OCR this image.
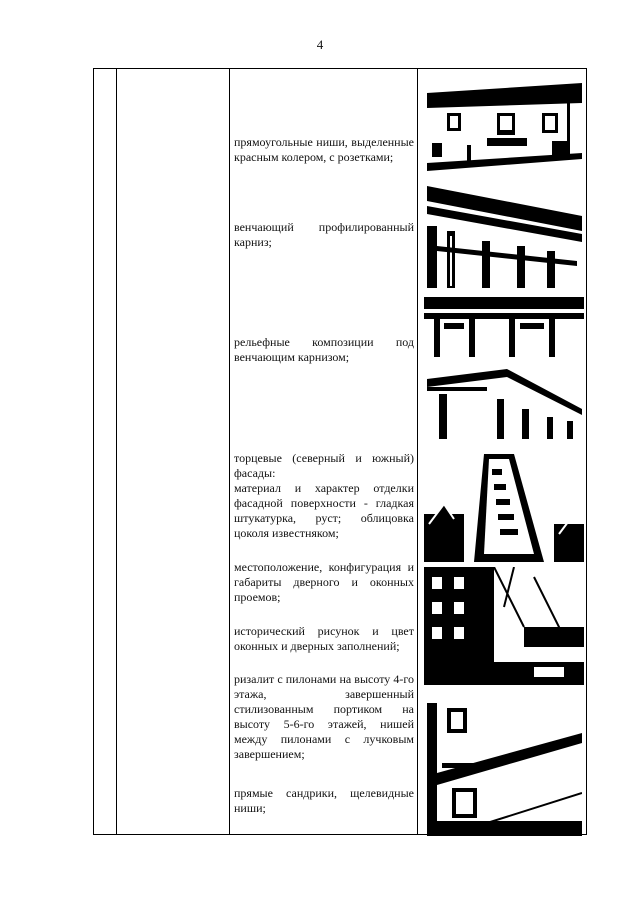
4
прямоугольные ниши, выделенные красным колером, с розетками;
венчающий профилированный карниз;
рельефные композиции под венчающим карнизом;
торцевые (северный и южный) фасады:
материал и характер отделки фасадной поверхности - гладкая штукатурка, руст; облицовка цоколя известняком;
местоположение, конфигурация и габариты дверного и оконных проемов;
исторический рисунок и цвет оконных и дверных заполнений;
ризалит с пилонами на высоту 4-го этажа, завершенный стилизованным портиком на высоту 5-6-го этажей, нишей между пилонами с лучковым завершением;
прямые сандрики, щелевидные ниши;
